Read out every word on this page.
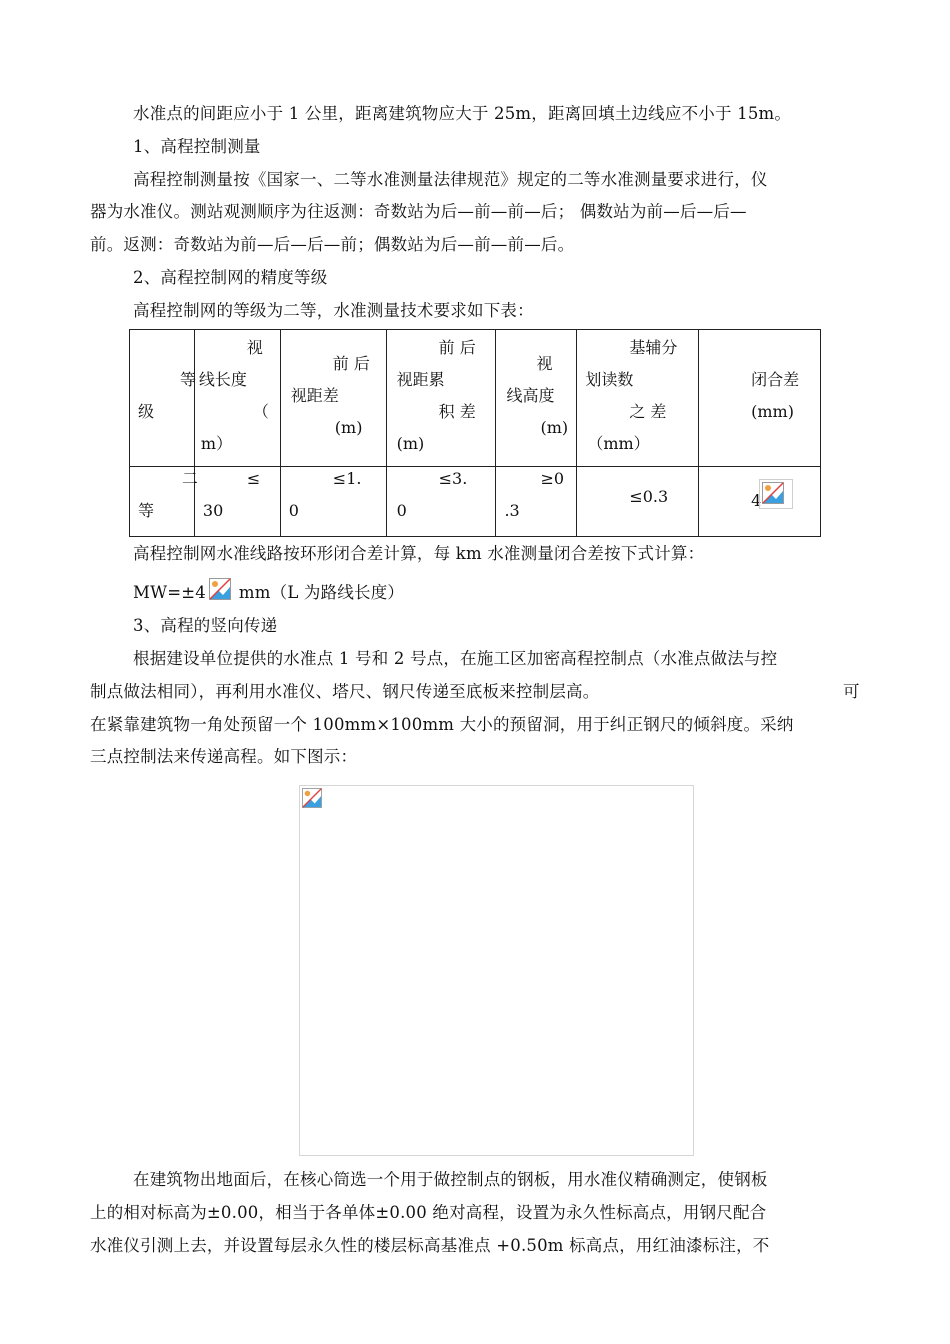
水准点的间距应小于 1 公里，距离建筑物应大于 25m，距离回填土边线应不小于 15m。
1、高程控制测量
高程控制测量按《国家一、二等水准测量法律规范》规定的二等水准测量要求进行，仪
器为水准仪。测站观测顺序为往返测：奇数站为后—前—前—后； 偶数站为前—后—后—
前。返测：奇数站为前—后—后—前；偶数站为后—前—前—后。
2、高程控制网的精度等级
高程控制网的等级为二等，水准测量技术要求如下表：
等
级	视
线长度
（
m）	前 后
视距差
(m)	前 后
视距累
积 差
(m)	视
线高度
(m)	基辅分
划读数
之 差
（mm）	闭合差
(mm)

二
等	≤
30	≤1.
0	≤3.
0	≥0
.3	≤0.3	4
高程控制网水准线路按环形闭合差计算，每 km 水准测量闭合差按下式计算：
MW=±4 mm（L 为路线长度）
3、高程的竖向传递
根据建设单位提供的水准点 1 号和 2 号点，在施工区加密高程控制点（水准点做法与控
制点做法相同），再利用水准仪、塔尺、钢尺传递至底板来控制层高。	可
在紧靠建筑物一角处预留一个 100mm×100mm 大小的预留洞，用于纠正钢尺的倾斜度。采纳
三点控制法来传递高程。如下图示：
在建筑物出地面后，在核心筒选一个用于做控制点的钢板，用水准仪精确测定，使钢板
上的相对标高为±0.00，相当于各单体±0.00 绝对高程，设置为永久性标高点，用钢尺配合
水准仪引测上去，并设置每层永久性的楼层标高基准点 +0.50m 标高点，用红油漆标注，不
